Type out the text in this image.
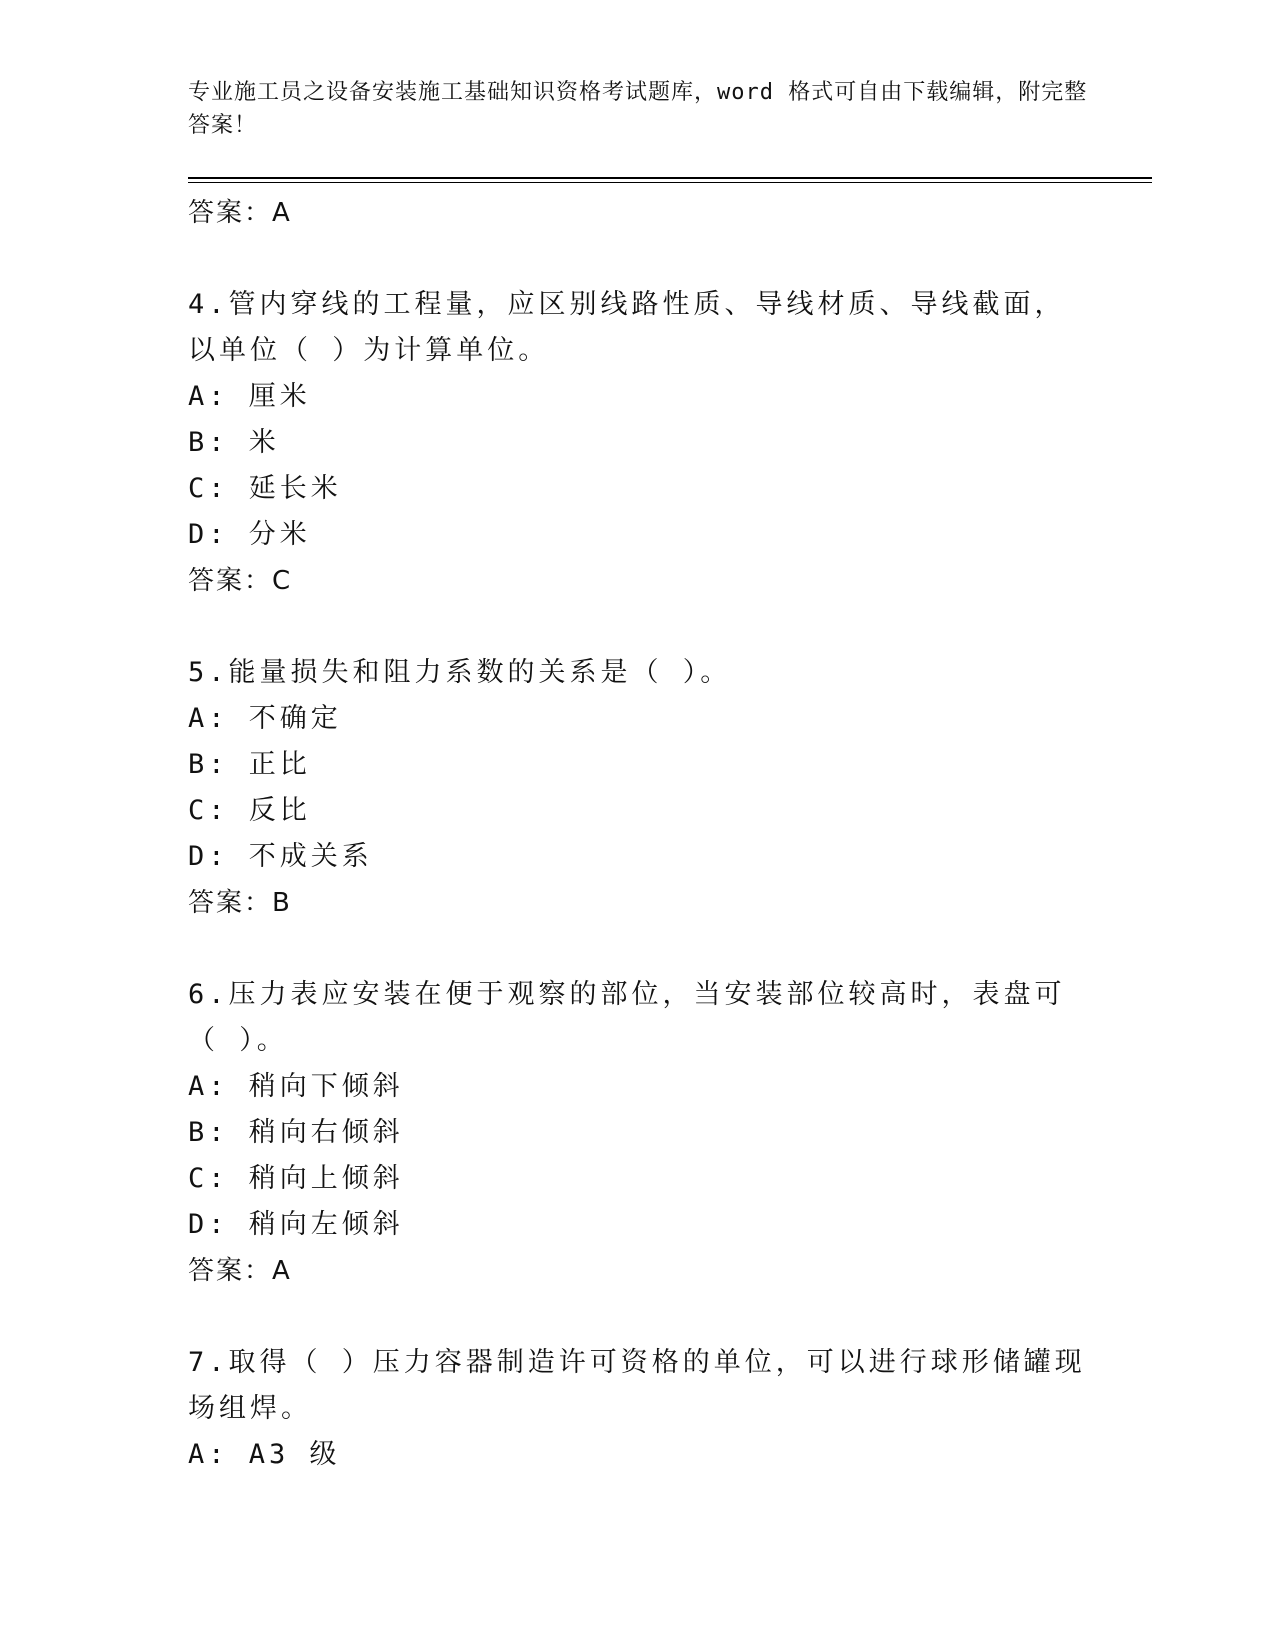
专业施工员之设备安装施工基础知识资格考试题库，word 格式可自由下载编辑，附完整答案！
答案：A
4.管内穿线的工程量，应区别线路性质、导线材质、导线截面，以单位（ ）为计算单位。
A: 厘米
B: 米
C: 延长米
D: 分米
答案：C
5.能量损失和阻力系数的关系是（ ）。
A: 不确定
B: 正比
C: 反比
D: 不成关系
答案：B
6.压力表应安装在便于观察的部位，当安装部位较高时，表盘可（ ）。
A: 稍向下倾斜
B: 稍向右倾斜
C: 稍向上倾斜
D: 稍向左倾斜
答案：A
7.取得（ ）压力容器制造许可资格的单位，可以进行球形储罐现场组焊。
A: A3 级
